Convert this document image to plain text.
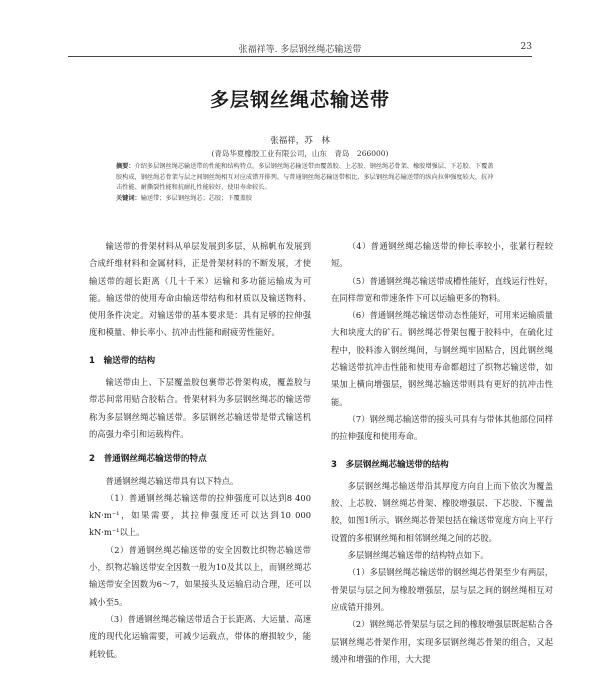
张福祥等. 多层钢丝绳芯输送带	23
多层钢丝绳芯输送带
张福祥，苏　林
(青岛华夏橡胶工业有限公司，山东　青岛　266000)
摘要：介绍多层钢丝绳芯输送带的性能和结构特点。多层钢丝绳芯输送带由覆盖胶、上芯胶、钢丝绳芯骨架、橡胶增强层、下芯胶、下覆盖胶构成，钢丝绳芯骨架与层之间钢丝绳相互对应成错开排列。与普通钢丝绳芯输送带相比，多层钢丝绳芯输送带的纵向拉伸强度较大，抗冲击性能、耐撕裂性能和抗耐扎性能较好，使用寿命较长。
关键词：输送带；多层钢丝绳芯；芯胶；下覆盖胶

输送带的骨架材料从单层发展到多层，从棉帆布发展到合成纤维材料和金属材料，正是骨架材料的不断发展，才使输送带的超长距离（几十千米）运输和多功能运输成为可能。输送带的使用寿命由输送带结构和材质以及输送物料、使用条件决定。对输送带的基本要求是：具有足够的拉伸强度和模量、伸长率小、抗冲击性能和耐疲劳性能好。

1　输送带的结构

输送带由上、下层覆盖胶包裹带芯骨架构成，覆盖胶与带芯间常用贴合胶粘合。骨架材料为多层钢丝绳芯的输送带称为多层钢丝绳芯输送带。多层钢丝芯输送带是带式输送机的高强力牵引和运载构件。

2　普通钢丝绳芯输送带的特点

普通钢丝绳芯输送带具有以下特点。

（1）普通钢丝绳芯输送带的拉伸强度可以达到8 400 kN·m⁻¹，如果需要，其拉伸强度还可以达到10 000 kN·m⁻¹以上。

（2）普通钢丝绳芯输送带的安全因数比织物芯输送带小，织物芯输送带安全因数一般为10及其以上，而钢丝绳芯输送带安全因数为6～7，如果接头及运输启动合理，还可以减小至5。

（3）普通钢丝绳芯输送带适合于长距离、大运量、高速度的现代化运输需要，可减少运载点，带体的磨损较少，能耗较低。

（4）普通钢丝绳芯输送带的伸长率较小，张紧行程较短。

（5）普通钢丝绳芯输送带成槽性能好，直线运行性好，在同样带宽和带速条件下可以运输更多的物料。

（6）普通钢丝绳芯输送带动态性能好，可用来运输质量大和块度大的矿石。钢丝绳芯骨架包覆于胶料中，在硫化过程中，胶料渗入钢丝绳间，与钢丝绳牢固粘合，因此钢丝绳芯输送带抗冲击性能和使用寿命都超过了织物芯输送带，如果加上横向增强层，钢丝绳芯输送带则具有更好的抗冲击性能。

（7）钢丝绳芯输送带的接头可具有与带体其他部位同样的拉伸强度和使用寿命。

3　多层钢丝绳芯输送带的结构

多层钢丝绳芯输送带沿其厚度方向自上而下依次为覆盖胶、上芯胶、钢丝绳芯骨架、橡胶增强层、下芯胶、下覆盖胶，如图1所示。钢丝绳芯骨架包括在输送带宽度方向上平行设置的多根钢丝绳和相邻钢丝绳之间的芯胶。

多层钢丝绳芯输送带的结构特点如下。

（1）多层钢丝绳芯输送带的钢丝绳芯骨架至少有两层，骨架层与层之间为橡胶增强层，层与层之间的钢丝绳相互对应成错开排列。

（2）钢丝绳芯骨架层与层之间的橡胶增强层既起粘合各层钢丝绳芯骨架作用，实现多层钢丝绳芯骨架的组合，又起缓冲和增强的作用，大大提
